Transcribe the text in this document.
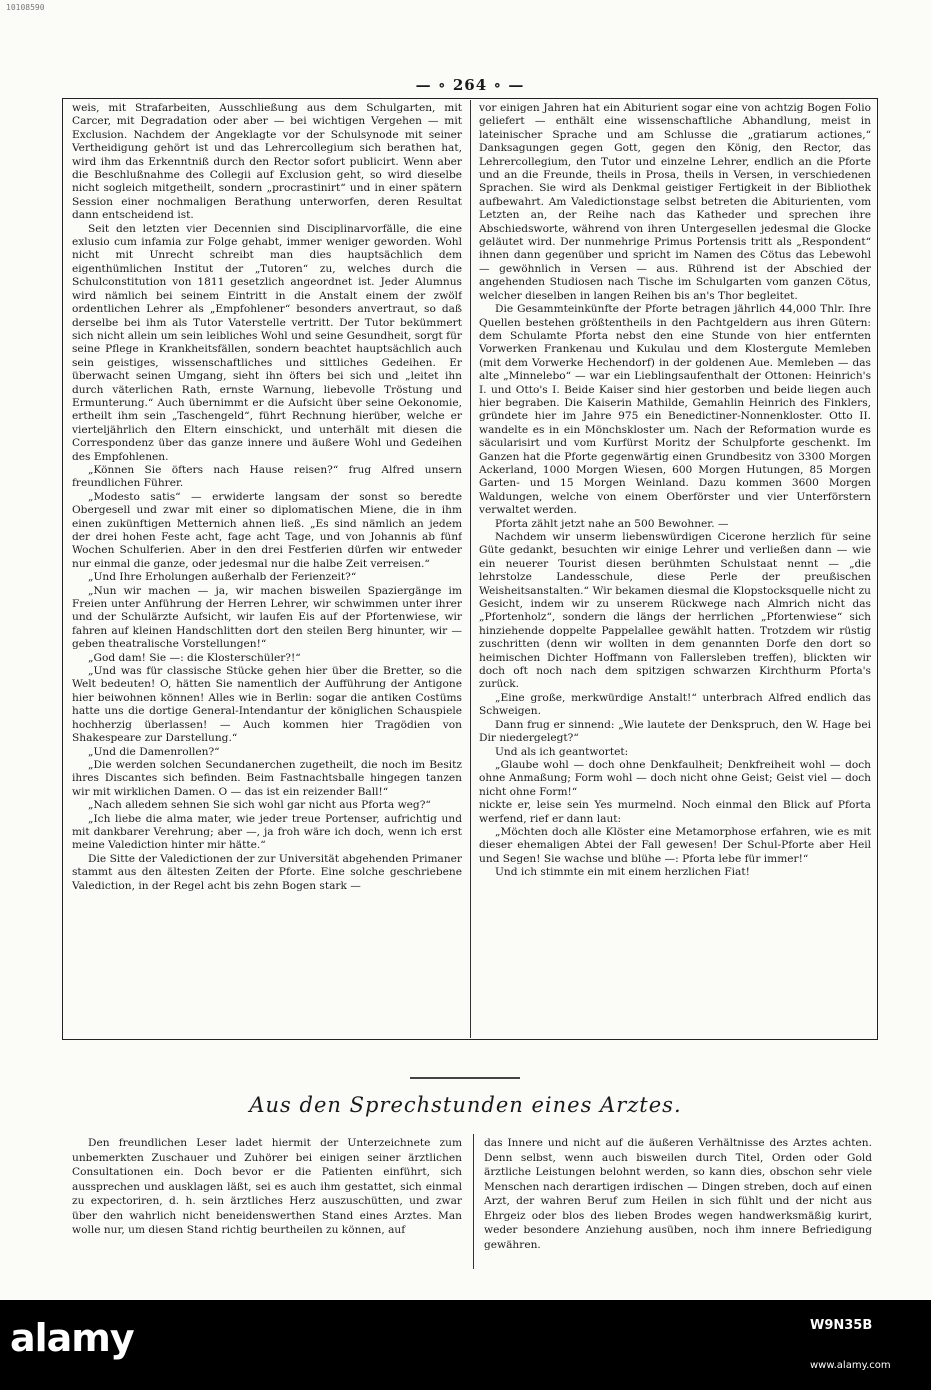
10108590
— ∘ 264 ∘ —

weis, mit Strafarbeiten, Ausschließung aus dem Schulgarten, mit Carcer, mit Degradation oder aber — bei wichtigen Vergehen — mit Exclusion. Nachdem der Angeklagte vor der Schulsynode mit seiner Vertheidigung gehört ist und das Lehrercollegium sich berathen hat, wird ihm das Erkenntniß durch den Rector sofort publicirt. Wenn aber die Beschlußnahme des Collegii auf Exclusion geht, so wird dieselbe nicht sogleich mitgetheilt, sondern „procrastinirt“ und in einer spätern Session einer nochmaligen Berathung unterworfen, deren Resultat dann entscheidend ist.

Seit den letzten vier Decennien sind Disciplinarvorfälle, die eine exlusio cum infamia zur Folge gehabt, immer weniger geworden. Wohl nicht mit Unrecht schreibt man dies hauptsächlich dem eigenthümlichen Institut der „Tutoren“ zu, welches durch die Schulconstitution von 1811 gesetzlich angeordnet ist. Jeder Alumnus wird nämlich bei seinem Eintritt in die Anstalt einem der zwölf ordentlichen Lehrer als „Empfohlener“ besonders anvertraut, so daß derselbe bei ihm als Tutor Vaterstelle vertritt. Der Tutor bekümmert sich nicht allein um sein leibliches Wohl und seine Gesundheit, sorgt für seine Pflege in Krankheitsfällen, sondern beachtet hauptsächlich auch sein geistiges, wissenschaftliches und sittliches Gedeihen. Er überwacht seinen Umgang, sieht ihn öfters bei sich und „leitet ihn durch väterlichen Rath, ernste Warnung, liebevolle Tröstung und Ermunterung.“ Auch übernimmt er die Aufsicht über seine Oekonomie, ertheilt ihm sein „Taschengeld“, führt Rechnung hierüber, welche er vierteljährlich den Eltern einschickt, und unterhält mit diesen die Correspondenz über das ganze innere und äußere Wohl und Gedeihen des Empfohlenen.

„Können Sie öfters nach Hause reisen?“ frug Alfred unsern freundlichen Führer.

„Modesto satis“ — erwiderte langsam der sonst so beredte Obergesell und zwar mit einer so diplomatischen Miene, die in ihm einen zukünftigen Metternich ahnen ließ. „Es sind nämlich an jedem der drei hohen Feste acht, fage acht Tage, und von Johannis ab fünf Wochen Schulferien. Aber in den drei Festferien dürfen wir entweder nur einmal die ganze, oder jedesmal nur die halbe Zeit verreisen.“

„Und Ihre Erholungen außerhalb der Ferienzeit?“

„Nun wir machen — ja, wir machen bisweilen Spaziergänge im Freien unter Anführung der Herren Lehrer, wir schwimmen unter ihrer und der Schulärzte Aufsicht, wir laufen Eis auf der Pfortenwiese, wir fahren auf kleinen Handschlitten dort den steilen Berg hinunter, wir — geben theatralische Vorstellungen!“

„God dam! Sie —: die Klosterschüler?!“

„Und was für classische Stücke gehen hier über die Bretter, so die Welt bedeuten! O, hätten Sie namentlich der Aufführung der Antigone hier beiwohnen können! Alles wie in Berlin: sogar die antiken Costüms hatte uns die dortige General-Intendantur der königlichen Schauspiele hochherzig überlassen! — Auch kommen hier Tragödien von Shakespeare zur Darstellung.“

„Und die Damenrollen?“

„Die werden solchen Secundanerchen zugetheilt, die noch im Besitz ihres Discantes sich befinden. Beim Fastnachtsballe hingegen tanzen wir mit wirklichen Damen. O — das ist ein reizender Ball!“

„Nach alledem sehnen Sie sich wohl gar nicht aus Pforta weg?“

„Ich liebe die alma mater, wie jeder treue Portenser, aufrichtig und mit dankbarer Verehrung; aber —, ja froh wäre ich doch, wenn ich erst meine Valediction hinter mir hätte.“

Die Sitte der Valedictionen der zur Universität abgehenden Primaner stammt aus den ältesten Zeiten der Pforte. Eine solche geschriebene Valediction, in der Regel acht bis zehn Bogen stark —

vor einigen Jahren hat ein Abiturient sogar eine von achtzig Bogen Folio geliefert — enthält eine wissenschaftliche Abhandlung, meist in lateinischer Sprache und am Schlusse die „gratiarum actiones,“ Danksagungen gegen Gott, gegen den König, den Rector, das Lehrercollegium, den Tutor und einzelne Lehrer, endlich an die Pforte und an die Freunde, theils in Prosa, theils in Versen, in verschiedenen Sprachen. Sie wird als Denkmal geistiger Fertigkeit in der Bibliothek aufbewahrt. Am Valedictionstage selbst betreten die Abiturienten, vom Letzten an, der Reihe nach das Katheder und sprechen ihre Abschiedsworte, während von ihren Untergesellen jedesmal die Glocke geläutet wird. Der nunmehrige Primus Portensis tritt als „Respondent“ ihnen dann gegenüber und spricht im Namen des Cötus das Lebewohl — gewöhnlich in Versen — aus. Rührend ist der Abschied der angehenden Studiosen nach Tische im Schulgarten vom ganzen Cötus, welcher dieselben in langen Reihen bis an's Thor begleitet.

Die Gesammteinkünfte der Pforte betragen jährlich 44,000 Thlr. Ihre Quellen bestehen größtentheils in den Pachtgeldern aus ihren Gütern: dem Schulamte Pforta nebst den eine Stunde von hier entfernten Vorwerken Frankenau und Kukulau und dem Klostergute Memleben (mit dem Vorwerke Hechendorf) in der goldenen Aue. Memleben — das alte „Minnelebo“ — war ein Lieblingsaufenthalt der Ottonen: Heinrich's I. und Otto's I. Beide Kaiser sind hier gestorben und beide liegen auch hier begraben. Die Kaiserin Mathilde, Gemahlin Heinrich des Finklers, gründete hier im Jahre 975 ein Benedictiner-Nonnenkloster. Otto II. wandelte es in ein Mönchskloster um. Nach der Reformation wurde es säcularisirt und vom Kurfürst Moritz der Schulpforte geschenkt. Im Ganzen hat die Pforte gegenwärtig einen Grundbesitz von 3300 Morgen Ackerland, 1000 Morgen Wiesen, 600 Morgen Hutungen, 85 Morgen Garten- und 15 Morgen Weinland. Dazu kommen 3600 Morgen Waldungen, welche von einem Oberförster und vier Unterförstern verwaltet werden.

Pforta zählt jetzt nahe an 500 Bewohner. —

Nachdem wir unserm liebenswürdigen Cicerone herzlich für seine Güte gedankt, besuchten wir einige Lehrer und verließen dann — wie ein neuerer Tourist diesen berühmten Schulstaat nennt — „die lehrstolze Landesschule, diese Perle der preußischen Weisheitsanstalten.“ Wir bekamen diesmal die Klopstocksquelle nicht zu Gesicht, indem wir zu unserem Rückwege nach Almrich nicht das „Pfortenholz“, sondern die längs der herrlichen „Pfortenwiese“ sich hinziehende doppelte Pappelallee gewählt hatten. Trotzdem wir rüstig zuschritten (denn wir wollten in dem genannten Dorfe den dort so heimischen Dichter Hoffmann von Fallersleben treffen), blickten wir doch oft noch nach dem spitzigen schwarzen Kirchthurm Pforta's zurück.

„Eine große, merkwürdige Anstalt!“ unterbrach Alfred endlich das Schweigen.

Dann frug er sinnend: „Wie lautete der Denkspruch, den W. Hage bei Dir niedergelegt?“

Und als ich geantwortet:

„Glaube wohl — doch ohne Denkfaulheit; Denkfreiheit wohl — doch ohne Anmaßung; Form wohl — doch nicht ohne Geist; Geist viel — doch nicht ohne Form!“

nickte er, leise sein Yes murmelnd. Noch einmal den Blick auf Pforta werfend, rief er dann laut:

„Möchten doch alle Klöster eine Metamorphose erfahren, wie es mit dieser ehemaligen Abtei der Fall gewesen! Der Schul-Pforte aber Heil und Segen! Sie wachse und blühe —: Pforta lebe für immer!“

Und ich stimmte ein mit einem herzlichen Fiat!

Aus den Sprechstunden eines Arztes.

Den freundlichen Leser ladet hiermit der Unterzeichnete zum unbemerkten Zuschauer und Zuhörer bei einigen seiner ärztlichen Consultationen ein. Doch bevor er die Patienten einführt, sich aussprechen und ausklagen läßt, sei es auch ihm gestattet, sich einmal zu expectoriren, d. h. sein ärztliches Herz auszuschütten, und zwar über den wahrlich nicht beneidenswerthen Stand eines Arztes. Man wolle nur, um diesen Stand richtig beurtheilen zu können, auf

das Innere und nicht auf die äußeren Verhältnisse des Arztes achten. Denn selbst, wenn auch bisweilen durch Titel, Orden oder Gold ärztliche Leistungen belohnt werden, so kann dies, obschon sehr viele Menschen nach derartigen irdischen — Dingen streben, doch auf einen Arzt, der wahren Beruf zum Heilen in sich fühlt und der nicht aus Ehrgeiz oder blos des lieben Brodes wegen handwerksmäßig kurirt, weder besondere Anziehung ausüben, noch ihm innere Befriedigung gewähren.

alamy	W9N35B
www.alamy.com
